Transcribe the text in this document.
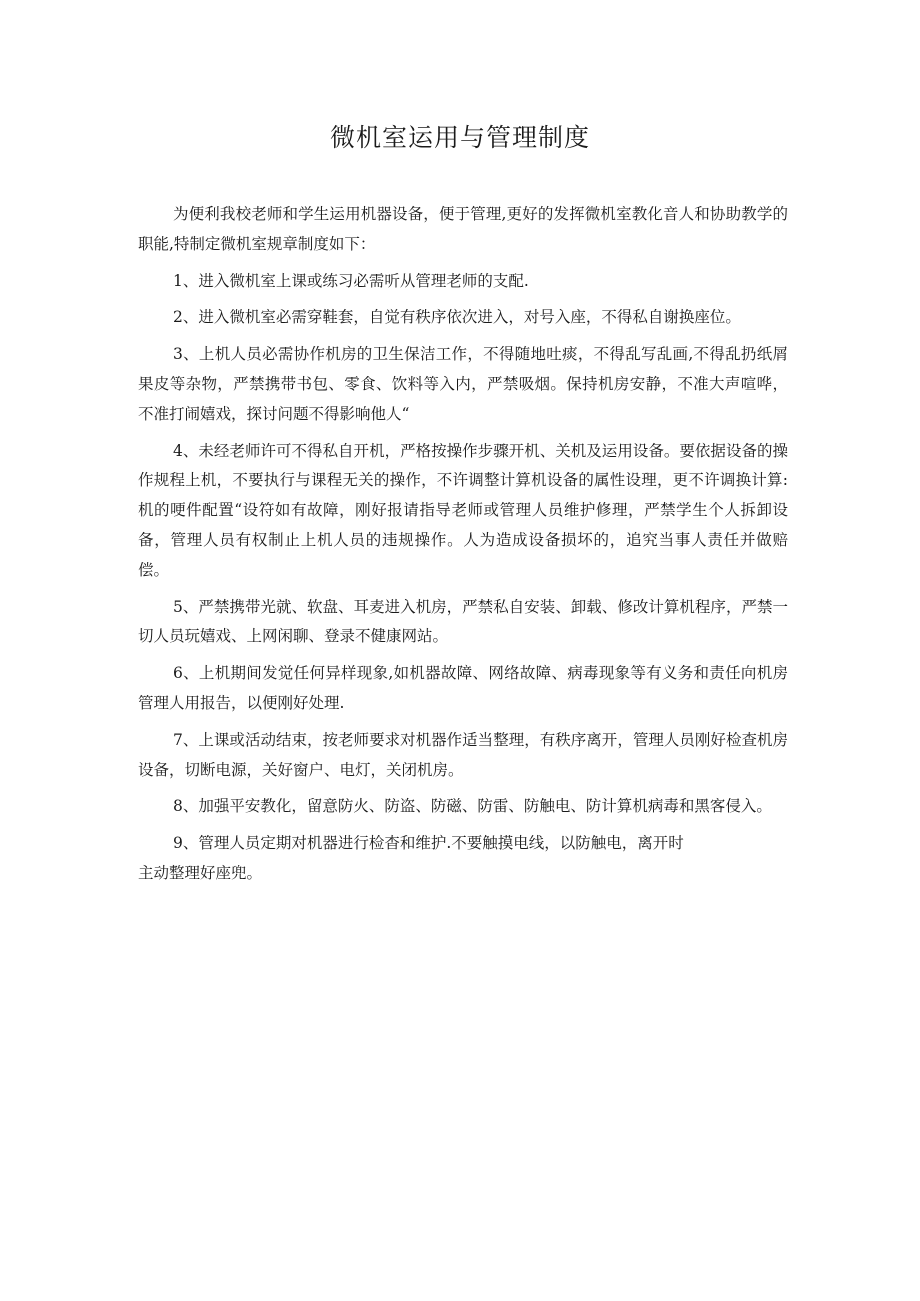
微机室运用与管理制度

为便利我校老师和学生运用机器设备，便于管理,更好的发挥微机室教化音人和协助教学的职能,特制定微机室规章制度如下：

1、进入微机室上课或练习必需听从管理老师的支配.

2、进入微机室必需穿鞋套，自觉有秩序依次进入，对号入座，不得私自谢换座位。

3、上机人员必需协作机房的卫生保洁工作，不得随地吐痰，不得乱写乱画,不得乱扔纸屑果皮等杂物，严禁携带书包、零食、饮料等入内，严禁吸烟。保持机房安静，不准大声喧哗，不准打闹嬉戏，探讨问题不得影响他人“

4、未经老师许可不得私自开机，严格按操作步骤开机、关机及运用设备。要依据设备的操作规程上机，不要执行与课程无关的操作，不许调整计算机设备的属性设理，更不许调换计算:机的哽件配置“设符如有故障，刚好报请指导老师或管理人员维护修理，严禁学生个人拆卸设备，管理人员有权制止上机人员的违规操作。人为造成设备损坏的，追究当事人责任并做赔偿。

5、严禁携带光就、软盘、耳麦进入机房，严禁私自安装、卸载、修改计算机程序，严禁一切人员玩嬉戏、上网闲聊、登录不健康网站。

6、上机期间发觉任何异样现象,如机器故障、网络故障、病毒现象等有义务和责任向机房管理人用报告，以便刚好处理.

7、上课或活动结束，按老师要求对机器作适当整理，有秩序离开，管理人员刚好检查机房设备，切断电源，关好窗户、电灯，关闭机房。

8、加强平安教化，留意防火、防盗、防磁、防雷、防触电、防计算机病毒和黑客侵入。

9、管理人员定期对机器进行检杳和维护.不要触摸电线，以防触电，离开时

主动整理好座兜。
